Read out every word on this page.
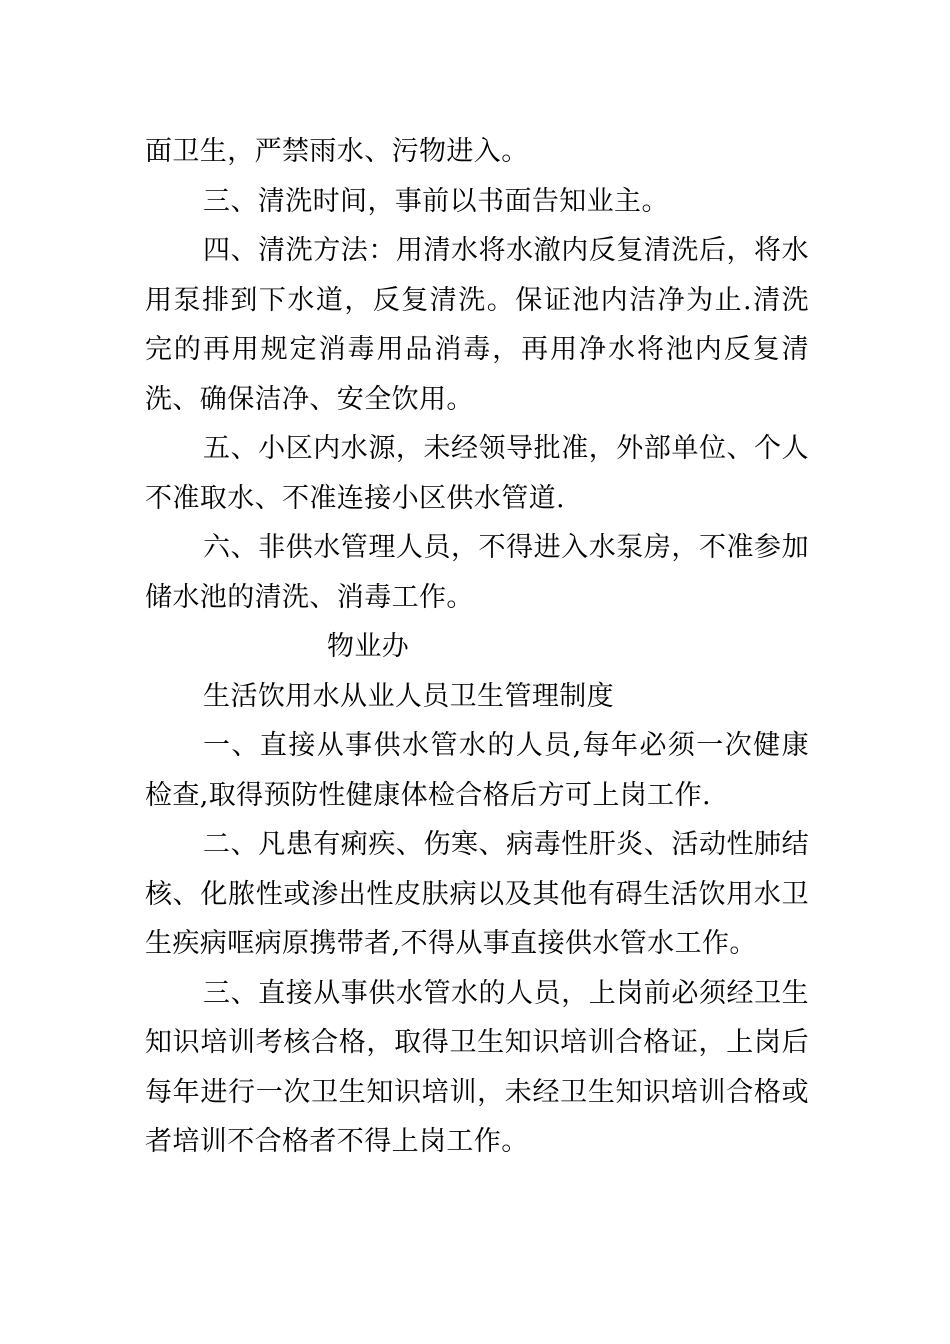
面卫生，严禁雨水、污物进入。

三、清洗时间，事前以书面告知业主。

四、清洗方法：用清水将水澈内反复清洗后，将水用泵排到下水道，反复清洗。保证池内洁净为止.清洗完的再用规定消毒用品消毒，再用净水将池内反复清洗、确保洁净、安全饮用。

五、小区内水源，未经领导批准，外部单位、个人不准取水、不准连接小区供水管道.

六、非供水管理人员，不得进入水泵房，不准参加储水池的清洗、消毒工作。

物业办

生活饮用水从业人员卫生管理制度

一、直接从事供水管水的人员,每年必须一次健康检查,取得预防性健康体检合格后方可上岗工作.

二、凡患有痢疾、伤寒、病毒性肝炎、活动性肺结核、化脓性或渗出性皮肤病以及其他有碍生活饮用水卫生疾病哐病原携带者,不得从事直接供水管水工作。

三、直接从事供水管水的人员，上岗前必须经卫生知识培训考核合格，取得卫生知识培训合格证，上岗后每年进行一次卫生知识培训，未经卫生知识培训合格或者培训不合格者不得上岗工作。
